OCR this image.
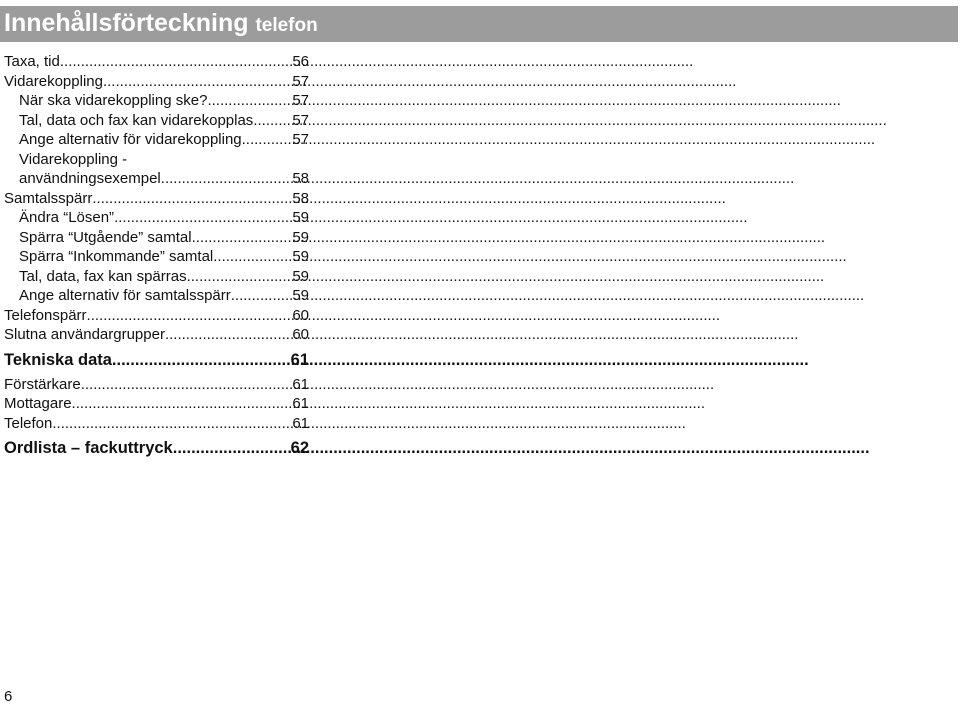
Innehållsförteckning telefon
Taxa, tid .....	56
Vidarekoppling .....	57
När ska vidarekoppling ske? .....	57
Tal, data och fax kan vidarekopplas .....	57
Ange alternativ för vidarekoppling .....	57
Vidarekoppling -
användningsexempel .....	58
Samtalsspärr .....	58
Ändra “Lösen” .....	59
Spärra “Utgående” samtal .....	59
Spärra “Inkommande” samtal .....	59
Tal, data, fax kan spärras. .....	59
Ange alternativ för samtalsspärr .....	59
Telefonspärr .....	60
Slutna användargrupper .....	60
Tekniska data .....	61
Förstärkare .....	61
Mottagare .....	61
Telefon .....	61
Ordlista – fackuttryck .....	62
6
